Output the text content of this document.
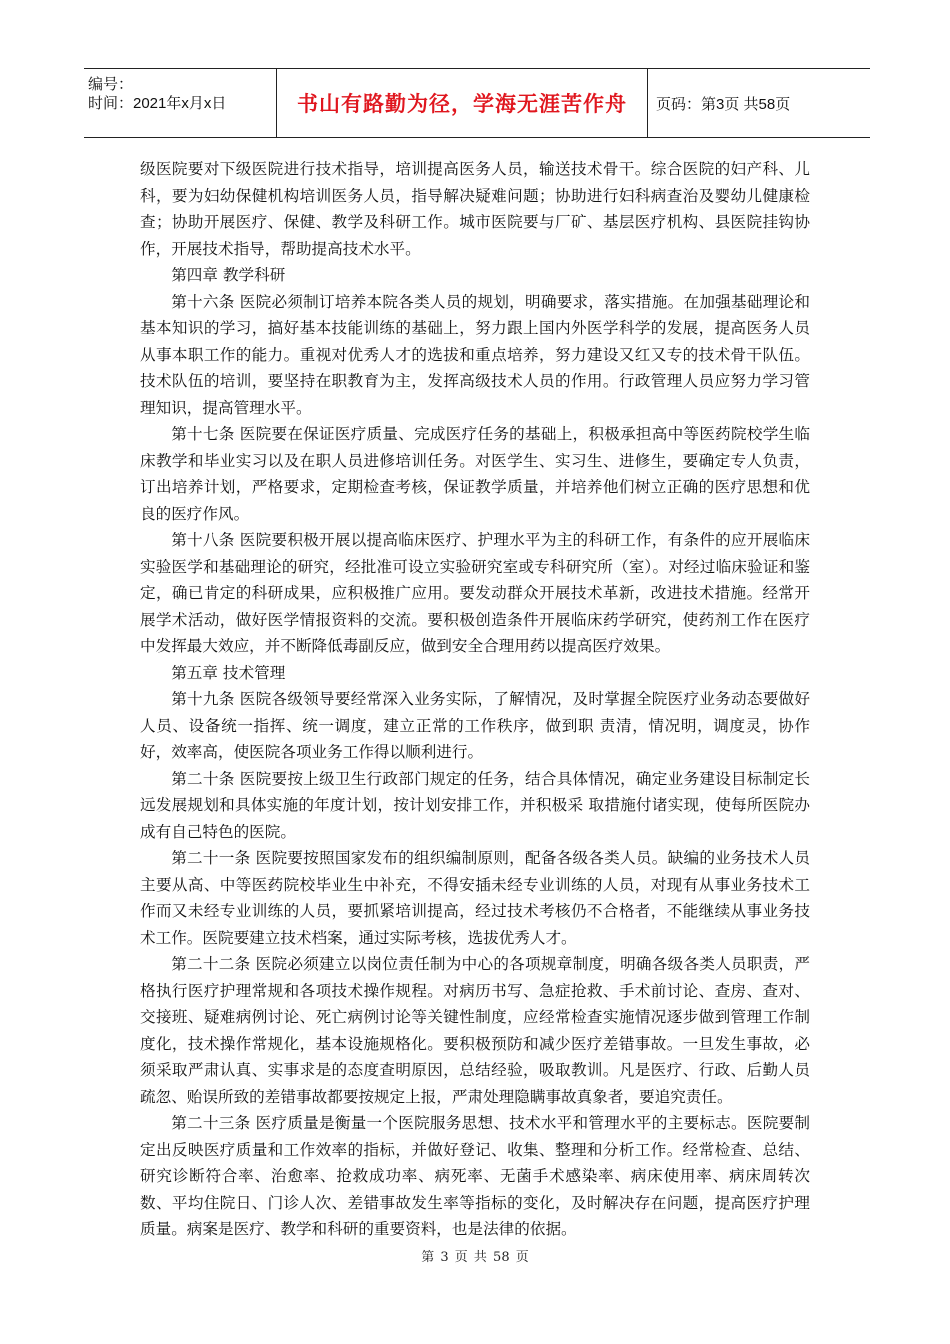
编号：
时间：2021年x月x日	书山有路勤为径，学海无涯苦作舟	页码：第3页 共58页

级医院要对下级医院进行技术指导，培训提高医务人员，输送技术骨干。综合医院的妇产科、儿科，要为妇幼保健机构培训医务人员，指导解决疑难问题；协助进行妇科病查治及婴幼儿健康检查；协助开展医疗、保健、教学及科研工作。城市医院要与厂矿、基层医疗机构、县医院挂钩协作，开展技术指导，帮助提高技术水平。

第四章 教学科研

第十六条 医院必须制订培养本院各类人员的规划，明确要求，落实措施。在加强基础理论和基本知识的学习，搞好基本技能训练的基础上，努力跟上国内外医学科学的发展，提高医务人员从事本职工作的能力。重视对优秀人才的选拔和重点培养，努力建设又红又专的技术骨干队伍。技术队伍的培训，要坚持在职教育为主，发挥高级技术人员的作用。行政管理人员应努力学习管理知识，提高管理水平。

第十七条 医院要在保证医疗质量、完成医疗任务的基础上，积极承担高中等医药院校学生临床教学和毕业实习以及在职人员进修培训任务。对医学生、实习生、进修生，要确定专人负责，订出培养计划，严格要求，定期检查考核，保证教学质量，并培养他们树立正确的医疗思想和优良的医疗作风。

第十八条 医院要积极开展以提高临床医疗、护理水平为主的科研工作，有条件的应开展临床实验医学和基础理论的研究，经批准可设立实验研究室或专科研究所（室）。对经过临床验证和鉴定，确已肯定的科研成果，应积极推广应用。要发动群众开展技术革新，改进技术措施。经常开展学术活动，做好医学情报资料的交流。要积极创造条件开展临床药学研究，使药剂工作在医疗中发挥最大效应，并不断降低毒副反应，做到安全合理用药以提高医疗效果。

第五章 技术管理

第十九条 医院各级领导要经常深入业务实际，了解情况，及时掌握全院医疗业务动态要做好人员、设备统一指挥、统一调度，建立正常的工作秩序，做到职 责清，情况明，调度灵，协作好，效率高，使医院各项业务工作得以顺利进行。

第二十条 医院要按上级卫生行政部门规定的任务，结合具体情况，确定业务建设目标制定长远发展规划和具体实施的年度计划，按计划安排工作，并积极采 取措施付诸实现，使每所医院办成有自己特色的医院。

第二十一条 医院要按照国家发布的组织编制原则，配备各级各类人员。缺编的业务技术人员主要从高、中等医药院校毕业生中补充，不得安插未经专业训练的人员，对现有从事业务技术工作而又未经专业训练的人员，要抓紧培训提高，经过技术考核仍不合格者，不能继续从事业务技术工作。医院要建立技术档案，通过实际考核，选拔优秀人才。

第二十二条 医院必须建立以岗位责任制为中心的各项规章制度，明确各级各类人员职责，严格执行医疗护理常规和各项技术操作规程。对病历书写、急症抢救、手术前讨论、查房、查对、交接班、疑难病例讨论、死亡病例讨论等关键性制度，应经常检查实施情况逐步做到管理工作制度化，技术操作常规化，基本设施规格化。要积极预防和减少医疗差错事故。一旦发生事故，必须采取严肃认真、实事求是的态度查明原因，总结经验，吸取教训。凡是医疗、行政、后勤人员疏忽、贻误所致的差错事故都要按规定上报，严肃处理隐瞒事故真象者，要追究责任。

第二十三条 医疗质量是衡量一个医院服务思想、技术水平和管理水平的主要标志。医院要制定出反映医疗质量和工作效率的指标，并做好登记、收集、整理和分析工作。经常检查、总结、研究诊断符合率、治愈率、抢救成功率、病死率、无菌手术感染率、病床使用率、病床周转次数、平均住院日、门诊人次、差错事故发生率等指标的变化，及时解决存在问题，提高医疗护理质量。病案是医疗、教学和科研的重要资料，也是法律的依据。

第 3 页 共 58 页
